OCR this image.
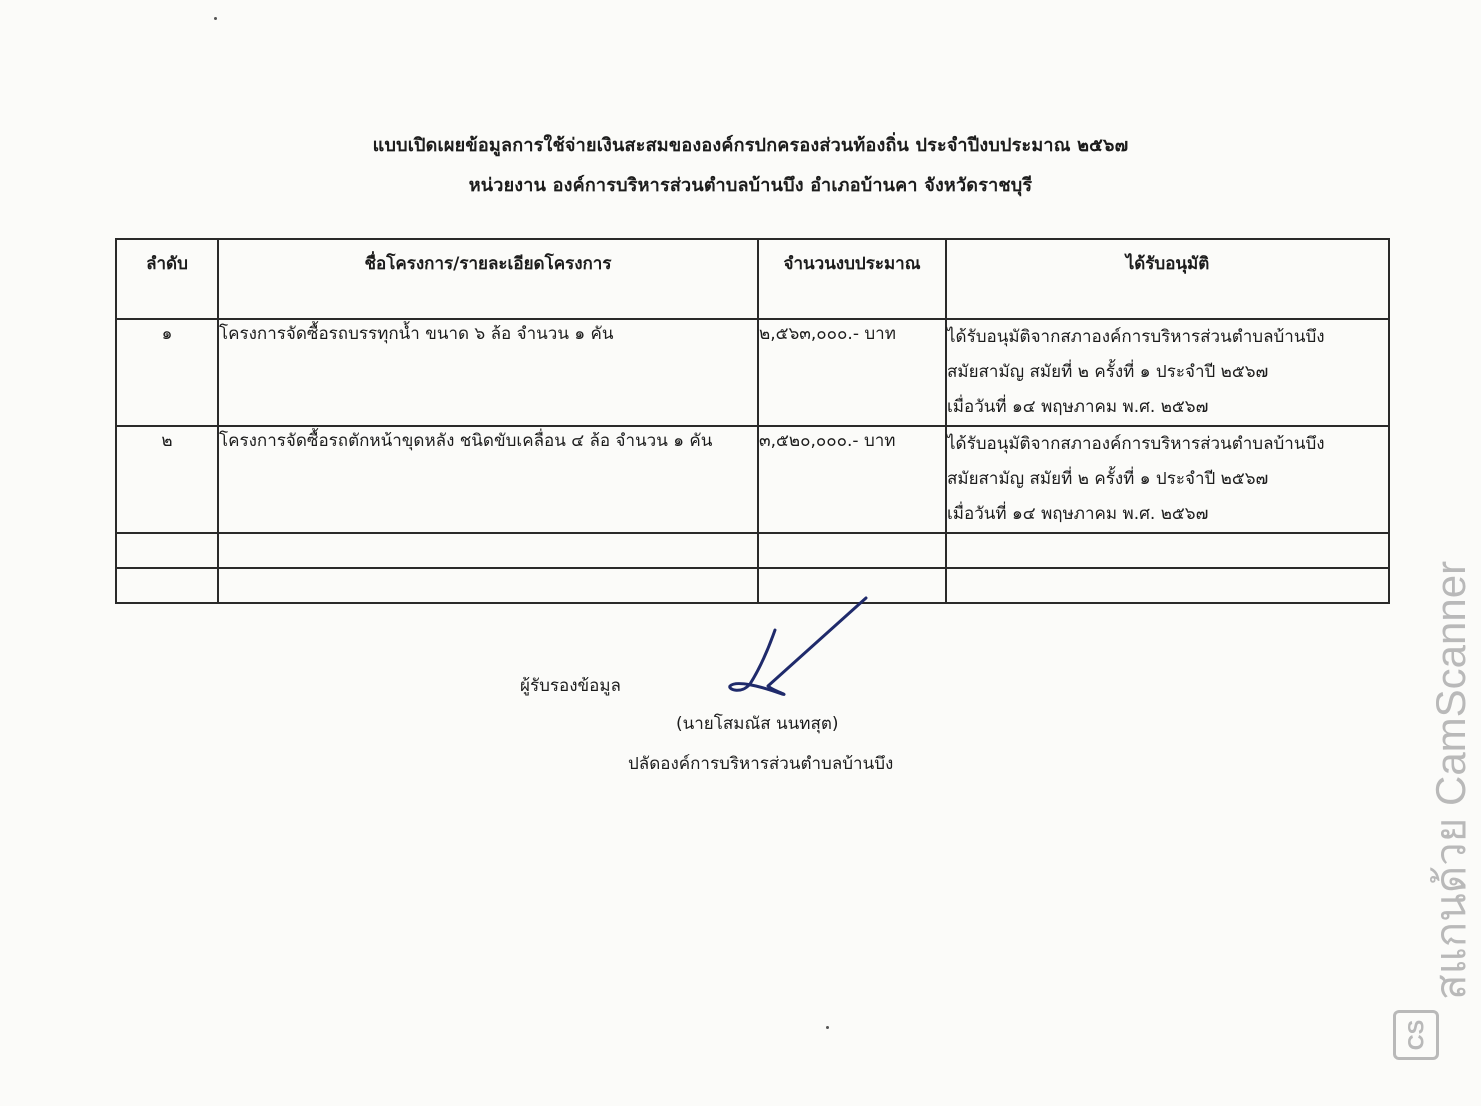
แบบเปิดเผยข้อมูลการใช้จ่ายเงินสะสมขององค์กรปกครองส่วนท้องถิ่น ประจำปีงบประมาณ ๒๕๖๗
หน่วยงาน องค์การบริหารส่วนตำบลบ้านบึง อำเภอบ้านคา จังหวัดราชบุรี
ลำดับ	ชื่อโครงการ/รายละเอียดโครงการ	จำนวนงบประมาณ	ได้รับอนุมัติ
๑	โครงการจัดซื้อรถบรรทุกน้ำ ขนาด ๖ ล้อ จำนวน ๑ คัน	๒,๕๖๓,๐๐๐.- บาท	ได้รับอนุมัติจากสภาองค์การบริหารส่วนตำบลบ้านบึง
สมัยสามัญ สมัยที่ ๒ ครั้งที่ ๑ ประจำปี ๒๕๖๗
เมื่อวันที่ ๑๔ พฤษภาคม พ.ศ. ๒๕๖๗

๒	โครงการจัดซื้อรถตักหน้าขุดหลัง ชนิดขับเคลื่อน ๔ ล้อ จำนวน ๑ คัน	๓,๕๒๐,๐๐๐.- บาท	ได้รับอนุมัติจากสภาองค์การบริหารส่วนตำบลบ้านบึง
สมัยสามัญ สมัยที่ ๒ ครั้งที่ ๑ ประจำปี ๒๕๖๗
เมื่อวันที่ ๑๔ พฤษภาคม พ.ศ. ๒๕๖๗

ผู้รับรองข้อมูล
(นายโสมณัส นนทสุต)
ปลัดองค์การบริหารส่วนตำบลบ้านบึง	สแกนด้วย CamScanner
CS
